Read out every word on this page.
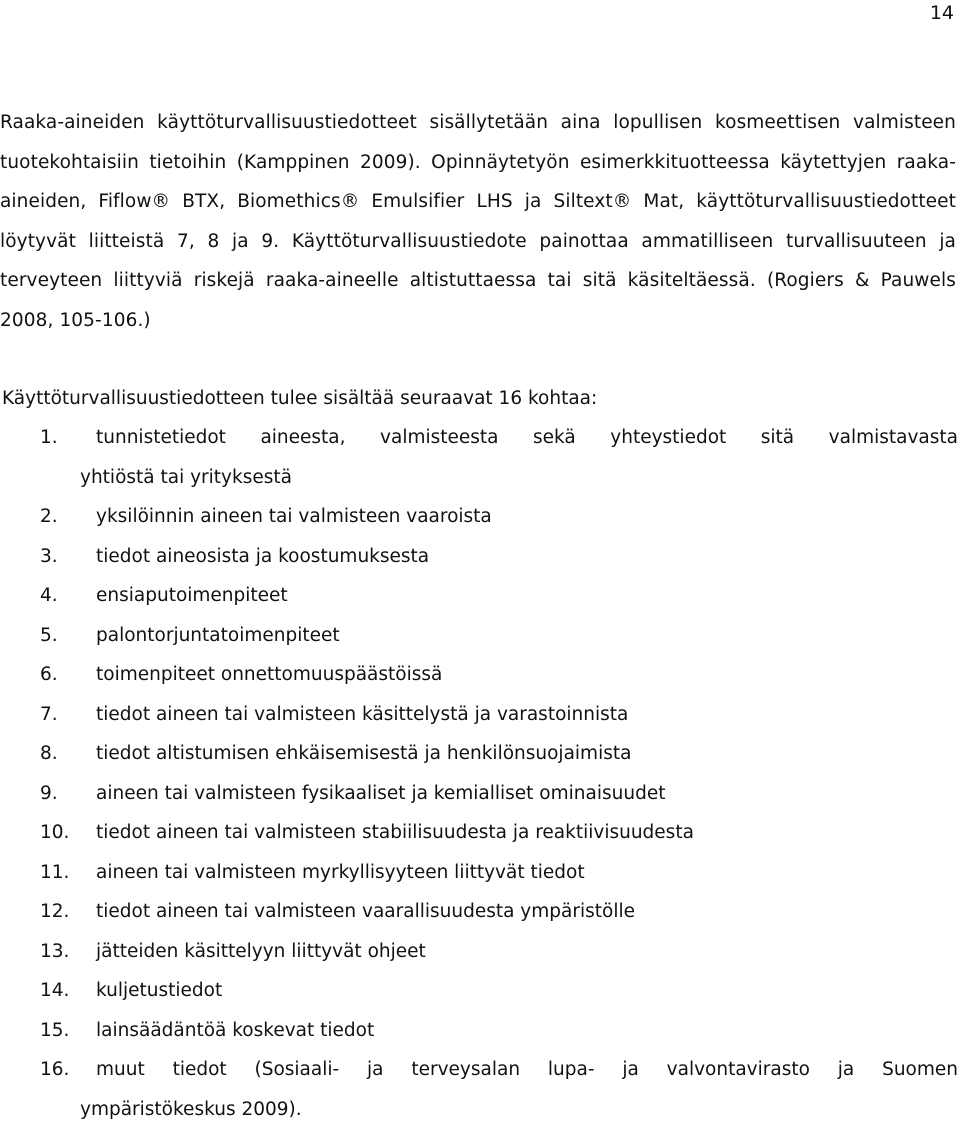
14

Raaka-aineiden käyttöturvallisuustiedotteet sisällytetään aina lopullisen kosmeettisen valmisteen tuotekohtaisiin tietoihin (Kamppinen 2009). Opinnäytetyön esimerkkituotteessa käytettyjen raaka-aineiden, Fiflow® BTX, Biomethics® Emulsifier LHS ja Siltext® Mat, käyttöturvallisuustiedotteet löytyvät liitteistä 7, 8 ja 9. Käyttöturvallisuustiedote painottaa ammatilliseen turvallisuuteen ja terveyteen liittyviä riskejä raaka-aineelle altistuttaessa tai sitä käsiteltäessä. (Rogiers & Pauwels 2008, 105-106.)

Käyttöturvallisuustiedotteen tulee sisältää seuraavat 16 kohtaa:

1.	tunnistetiedot aineesta, valmisteesta sekä yhteystiedot sitä valmistavasta
yhtiöstä tai yrityksestä
2.	yksilöinnin aineen tai valmisteen vaaroista
3.	tiedot aineosista ja koostumuksesta
4.	ensiaputoimenpiteet
5.	palontorjuntatoimenpiteet
6.	toimenpiteet onnettomuuspäästöissä
7.	tiedot aineen tai valmisteen käsittelystä ja varastoinnista
8.	tiedot altistumisen ehkäisemisestä ja henkilönsuojaimista
9.	aineen tai valmisteen fysikaaliset ja kemialliset ominaisuudet
10.	tiedot aineen tai valmisteen stabiilisuudesta ja reaktiivisuudesta
11.	aineen tai valmisteen myrkyllisyyteen liittyvät tiedot
12.	tiedot aineen tai valmisteen vaarallisuudesta ympäristölle
13.	jätteiden käsittelyyn liittyvät ohjeet
14.	kuljetustiedot
15.	lainsäädäntöä koskevat tiedot
16.	muut tiedot (Sosiaali- ja terveysalan lupa- ja valvontavirasto ja Suomen
ympäristökeskus 2009).
